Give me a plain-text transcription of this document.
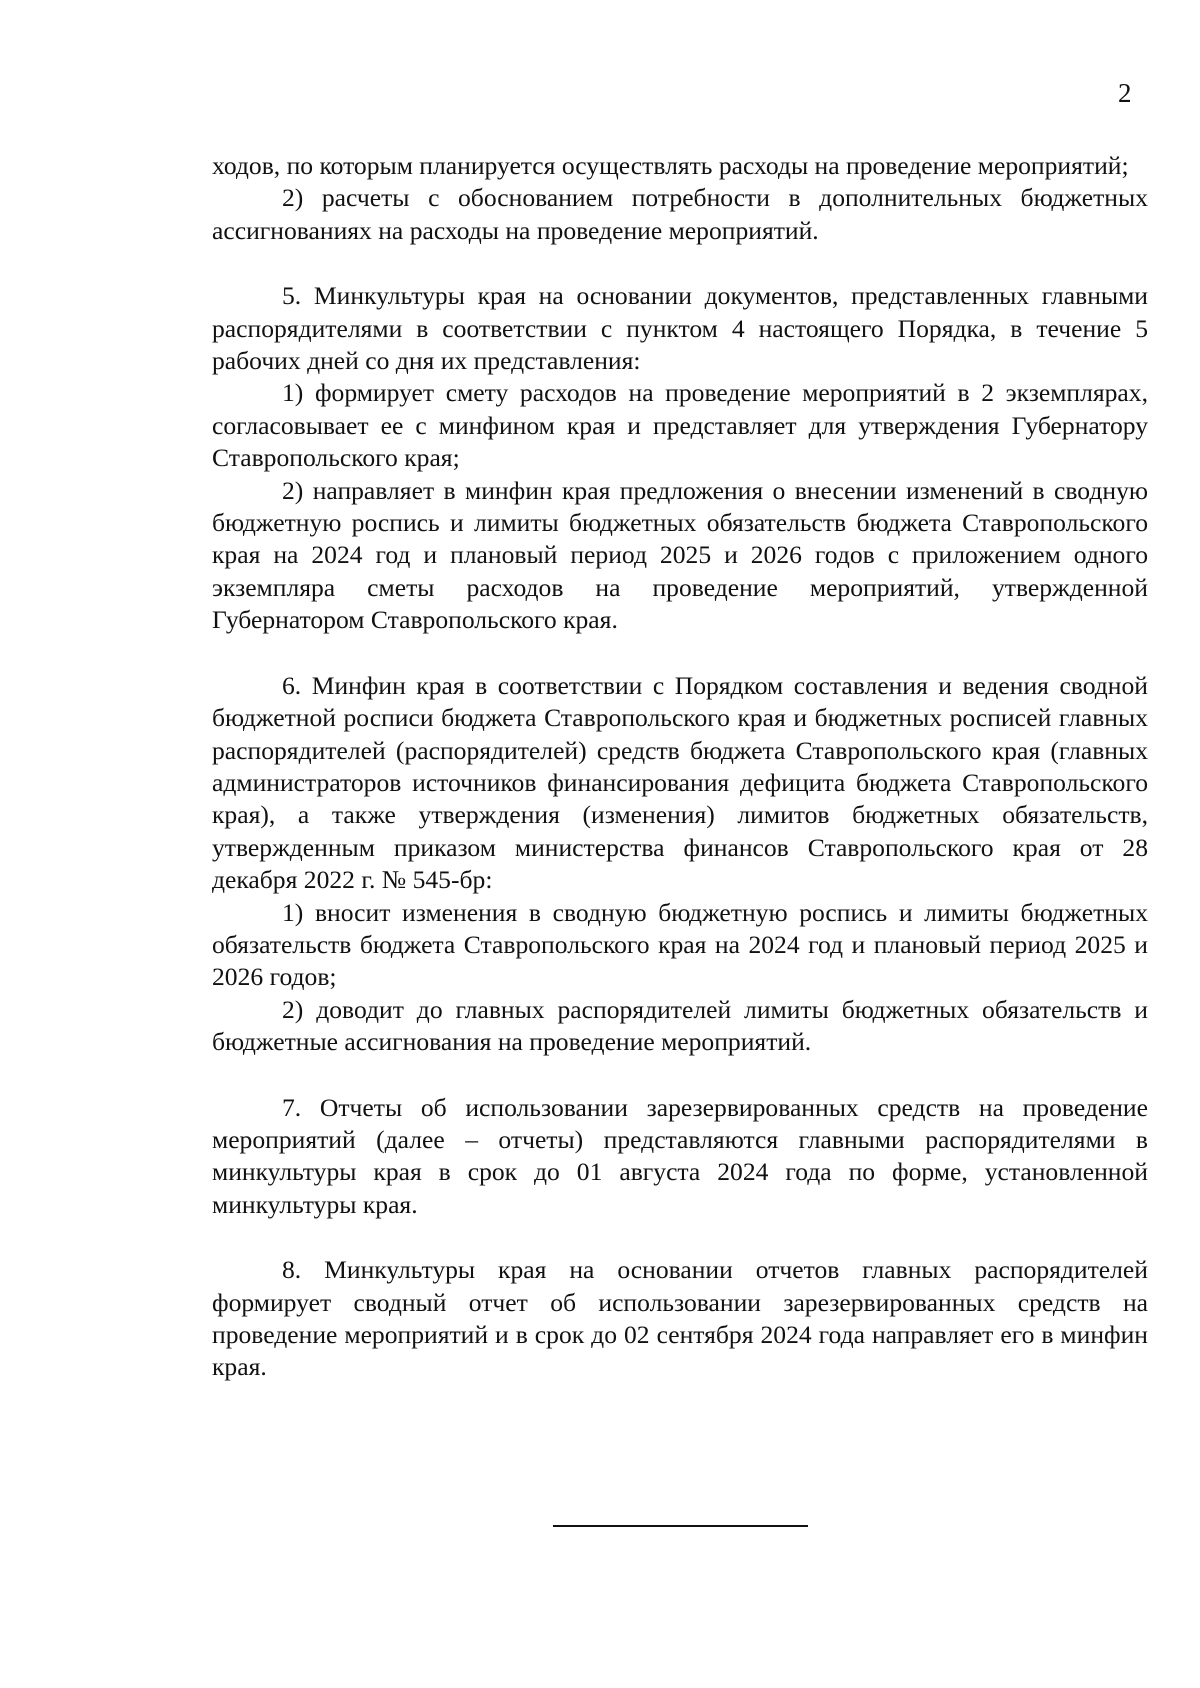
2

ходов, по которым планируется осуществлять расходы на проведение мероприятий;

2) расчеты с обоснованием потребности в дополнительных бюджетных ассигнованиях на расходы на проведение мероприятий.

5. Минкультуры края на основании документов, представленных главными распорядителями в соответствии с пунктом 4 настоящего Порядка, в течение 5 рабочих дней со дня их представления:

1) формирует смету расходов на проведение мероприятий в 2 экземплярах, согласовывает ее с минфином края и представляет для утверждения Губернатору Ставропольского края;

2) направляет в минфин края предложения о внесении изменений в сводную бюджетную роспись и лимиты бюджетных обязательств бюджета Ставропольского края на 2024 год и плановый период 2025 и 2026 годов с приложением одного экземпляра сметы расходов на проведение мероприятий, утвержденной Губернатором Ставропольского края.

6. Минфин края в соответствии с Порядком составления и ведения сводной бюджетной росписи бюджета Ставропольского края и бюджетных росписей главных распорядителей (распорядителей) средств бюджета Ставропольского края (главных администраторов источников финансирования дефицита бюджета Ставропольского края), а также утверждения (изменения) лимитов бюджетных обязательств, утвержденным приказом министерства финансов Ставропольского края от 28 декабря 2022 г. № 545-бр:

1) вносит изменения в сводную бюджетную роспись и лимиты бюджетных обязательств бюджета Ставропольского края на 2024 год и плановый период 2025 и 2026 годов;

2) доводит до главных распорядителей лимиты бюджетных обязательств и бюджетные ассигнования на проведение мероприятий.

7. Отчеты об использовании зарезервированных средств на проведение мероприятий (далее – отчеты) представляются главными распорядителями в минкультуры края в срок до 01 августа 2024 года по форме, установленной минкультуры края.

8. Минкультуры края на основании отчетов главных распорядителей формирует сводный отчет об использовании зарезервированных средств на проведение мероприятий и в срок до 02 сентября 2024 года направляет его в минфин края.
